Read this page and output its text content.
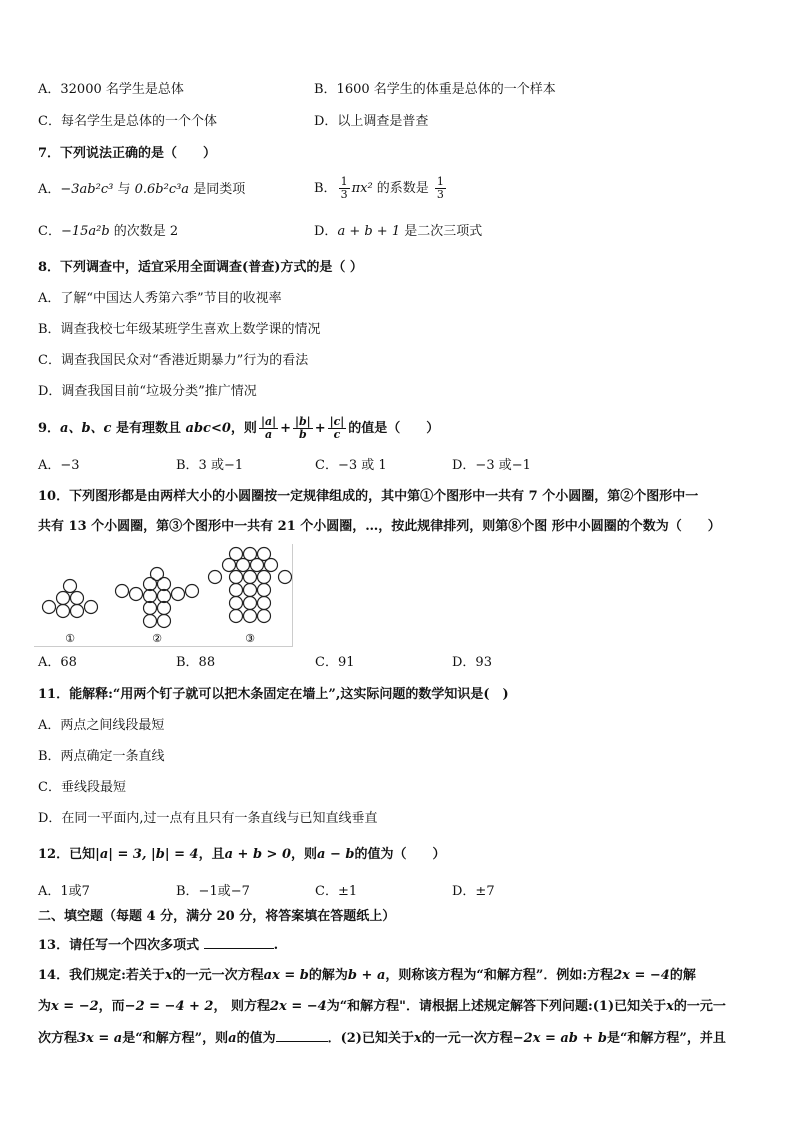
A．32000 名学生是总体	B．1600 名学生的体重是总体的一个样本
C．每名学生是总体的一个个体	D．以上调查是普查
7．下列说法正确的是（　　）
A．−3ab²c³ 与 0.6b²c³a 是同类项	B． $\frac{1}{3} \pi x^2$ 的系数是 $\frac{1}{3}$
C．−15a²b 的次数是 2	D．a + b + 1 是二次三项式
8．下列调查中，适宜采用全面调查(普查)方式的是（ ）
A．了解“中国达人秀第六季”节目的收视率
B．调查我校七年级某班学生喜欢上数学课的情况
C．调查我国民众对“香港近期暴力”行为的看法
D．调查我国目前“垃圾分类”推广情况
9．a、b、c 是有理数且 abc<0，则 $\frac{|a|}{a} + \frac{|b|}{b} + \frac{|c|}{c}$ 的值是（　　）
A．−3	B．3 或−1	C．−3 或 1	D．−3 或−1
10．下列图形都是由两样大小的小圆圈按一定规律组成的，其中第①个图形中一共有 7 个小圆圈，第②个图形中一
共有 13 个小圆圈，第③个图形中一共有 21 个小圆圈，…，按此规律排列，则第⑧个图 形中小圆圈的个数为（　　）
①	②	③
A．68	B．88	C．91	D．93
11．能解释:“用两个钉子就可以把木条固定在墙上”,这实际问题的数学知识是(　)
A．两点之间线段最短
B．两点确定一条直线
C．垂线段最短
D．在同一平面内,过一点有且只有一条直线与已知直线垂直
12．已知|a| = 3, |b| = 4，且a + b > 0，则a − b的值为（　　）
A．1或7	B．−1或−7	C．±1	D．±7
二、填空题（每题 4 分，满分 20 分，将答案填在答题纸上）
13．请任写一个四次多项式	.
14．我们规定:若关于x的一元一次方程ax = b的解为b + a，则称该方程为“和解方程”．例如:方程2x = −4的解
为x = −2，而−2 = −4 + 2， 则方程2x = −4为“和解方程"．请根据上述规定解答下列问题:(1)已知关于x的一元一
次方程3x = a是“和解方程”，则a的值为	．(2)已知关于x的一元一次方程−2x = ab + b是“和解方程”，并且
